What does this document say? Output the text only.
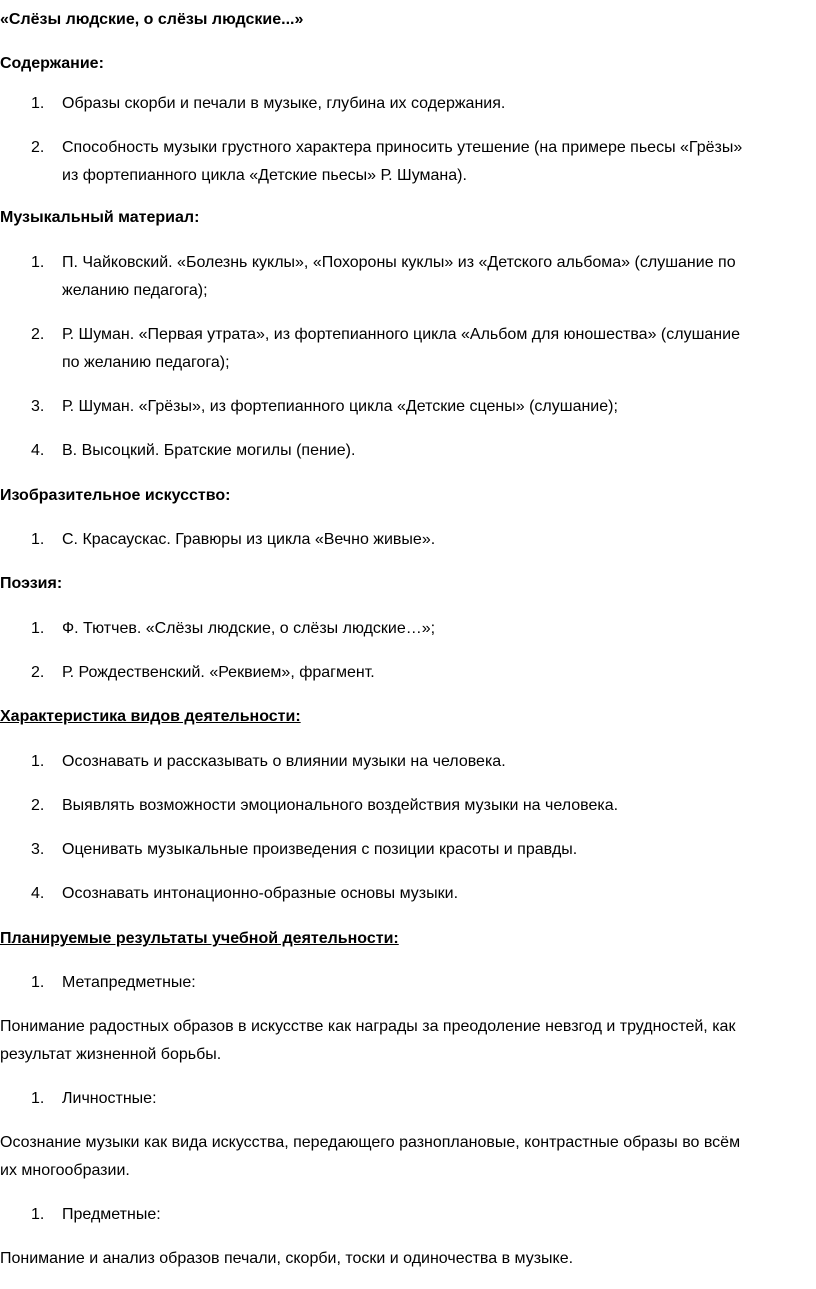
«Слёзы людские, о слёзы людские...»
Содержание:
1. Образы скорби и печали в музыке, глубина их содержания.
2. Способность музыки грустного характера приносить утешение (на примере пьесы «Грёзы»
из фортепианного цикла «Детские пьесы» Р. Шумана).
Музыкальный материал:
1. П. Чайковский. «Болезнь куклы», «Похороны куклы» из «Детского альбома» (слушание по
желанию педагога);
2. Р. Шуман. «Первая утрата», из фортепианного цикла «Альбом для юношества» (слушание
по желанию педагога);
3. Р. Шуман. «Грёзы», из фортепианного цикла «Детские сцены» (слушание);
4. В. Высоцкий. Братские могилы (пение).
Изобразительное искусство:
1. С. Красаускас. Гравюры из цикла «Вечно живые».
Поэзия:
1. Ф. Тютчев. «Слёзы людские, о слёзы людские…»;
2. Р. Рождественский. «Реквием», фрагмент.
Характеристика видов деятельности:
1. Осознавать и рассказывать о влиянии музыки на человека.
2. Выявлять возможности эмоционального воздействия музыки на человека.
3. Оценивать музыкальные произведения с позиции красоты и правды.
4. Осознавать интонационно-образные основы музыки.
Планируемые результаты учебной деятельности:
1. Метапредметные:
Понимание радостных образов в искусстве как награды за преодоление невзгод и трудностей, как
результат жизненной борьбы.
1. Личностные:
Осознание музыки как вида искусства, передающего разноплановые, контрастные образы во всём
их многообразии.
1. Предметные:
Понимание и анализ образов печали, скорби, тоски и одиночества в музыке.
